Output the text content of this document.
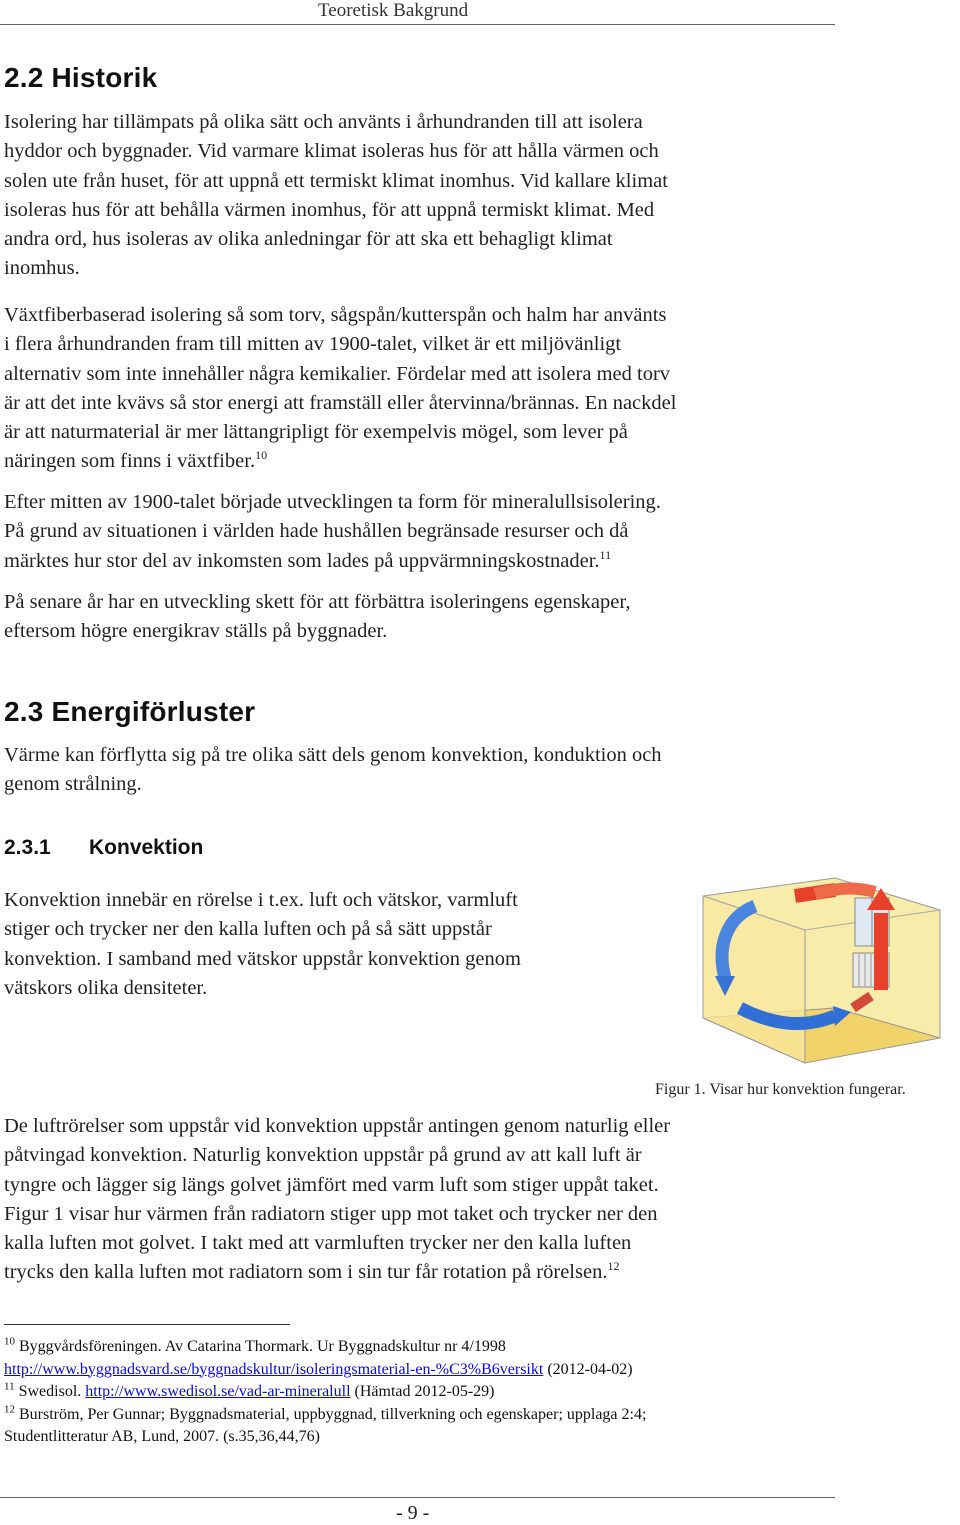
Teoretisk Bakgrund
2.2 Historik

Isolering har tillämpats på olika sätt och använts i århundranden till att isolera

hyddor och byggnader. Vid varmare klimat isoleras hus för att hålla värmen och

solen ute från huset, för att uppnå ett termiskt klimat inomhus. Vid kallare klimat

isoleras hus för att behålla värmen inomhus, för att uppnå termiskt klimat. Med

andra ord, hus isoleras av olika anledningar för att ska ett behagligt klimat

inomhus.

Växtfiberbaserad isolering så som torv, sågspån/kutterspån och halm har använts

i flera århundranden fram till mitten av 1900-talet, vilket är ett miljövänligt

alternativ som inte innehåller några kemikalier. Fördelar med att isolera med torv

är att det inte kvävs så stor energi att framställ eller återvinna/brännas. En nackdel

är att naturmaterial är mer lättangripligt för exempelvis mögel, som lever på

näringen som finns i växtfiber.$^{10}$

Efter mitten av 1900-talet började utvecklingen ta form för mineralullsisolering.

På grund av situationen i världen hade hushållen begränsade resurser och då

märktes hur stor del av inkomsten som lades på uppvärmningskostnader.$^{11}$

På senare år har en utveckling skett för att förbättra isoleringens egenskaper,

eftersom högre energikrav ställs på byggnader.

2.3 Energiförluster

Värme kan förflytta sig på tre olika sätt dels genom konvektion, konduktion och

genom strålning.

2.3.1 Konvektion

Konvektion innebär en rörelse i t.ex. luft och vätskor, varmluft

stiger och trycker ner den kalla luften och på så sätt uppstår

konvektion. I samband med vätskor uppstår konvektion genom

vätskors olika densiteter.

Figur 1. Visar hur konvektion fungerar.

De luftrörelser som uppstår vid konvektion uppstår antingen genom naturlig eller

påtvingad konvektion. Naturlig konvektion uppstår på grund av att kall luft är

tyngre och lägger sig längs golvet jämfört med varm luft som stiger uppåt taket.

Figur 1 visar hur värmen från radiatorn stiger upp mot taket och trycker ner den

kalla luften mot golvet. I takt med att varmluften trycker ner den kalla luften

trycks den kalla luften mot radiatorn som i sin tur får rotation på rörelsen.$^{12}$

$^{10}$ Byggvårdsföreningen. Av Catarina Thormark. Ur Byggnadskultur nr 4/1998
http://www.byggnadsvard.se/byggnadskultur/isoleringsmaterial-en-%C3%B6versikt (2012-04-02)
$^{11}$ Swedisol. http://www.swedisol.se/vad-ar-mineralull (Hämtad 2012-05-29)
$^{12}$ Burström, Per Gunnar; Byggnadsmaterial, uppbyggnad, tillverkning och egenskaper; upplaga 2:4;
Studentlitteratur AB, Lund, 2007. (s.35,36,44,76)
- 9 -
